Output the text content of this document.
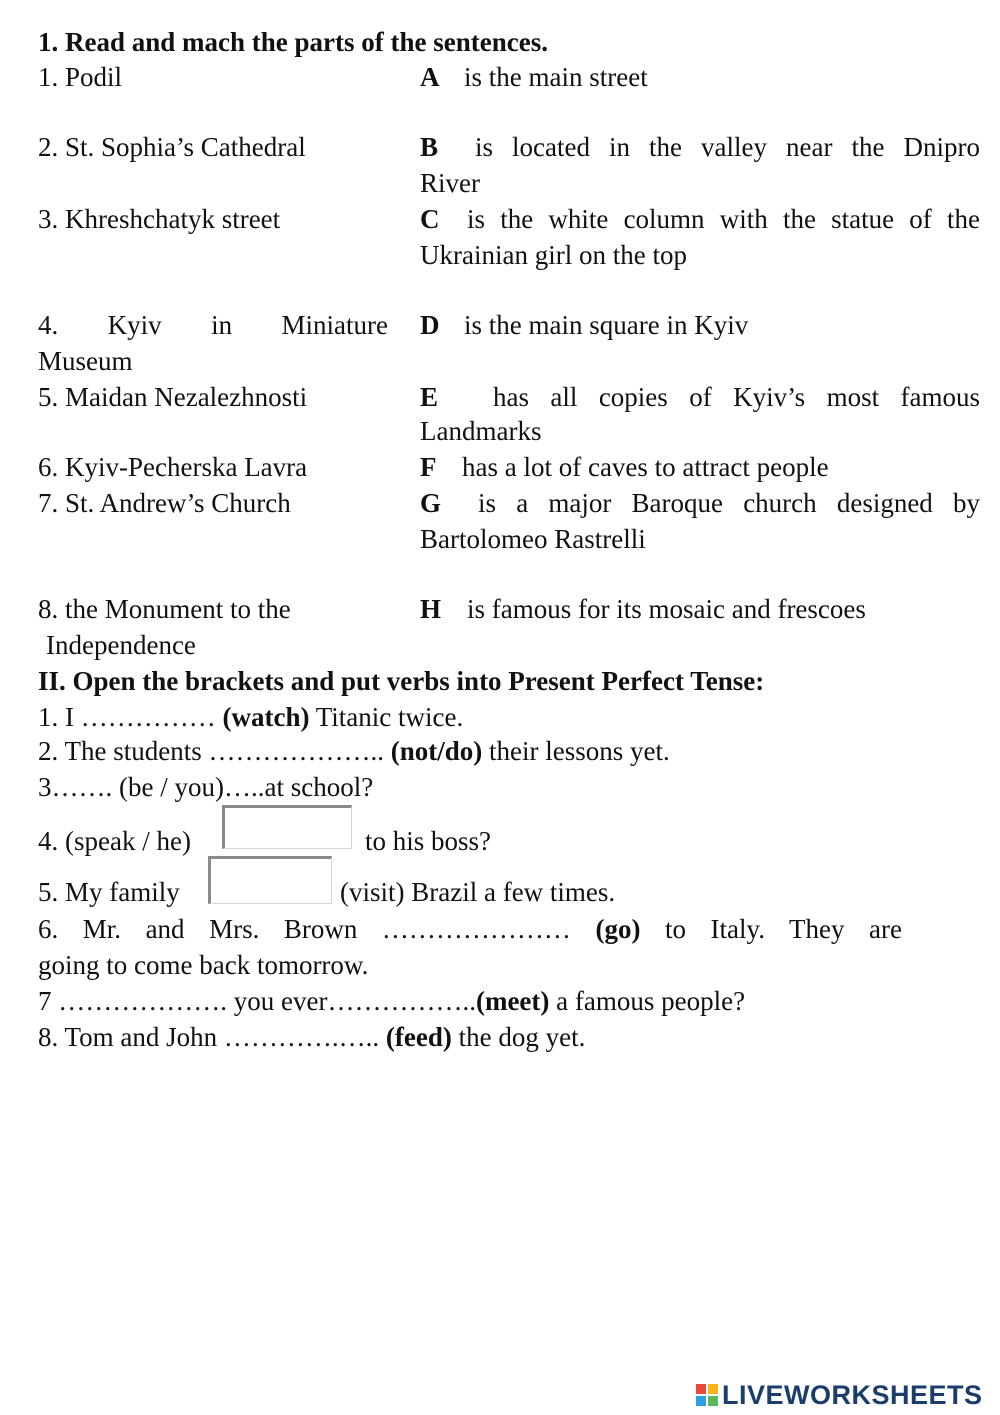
1. Read and mach the parts of the sentences.
1. Podil
2. St. Sophia’s Cathedral
3. Khreshchatyk street
4. Kyiv in Miniature
Museum
5. Maidan Nezalezhnosti
6. Kyiv-Pecherska Lavra
7. St. Andrew’s Church
8. the Monument to the
Independence
A
B
C
D
E
F
G
H
is the main street
is located in the valley near the Dnipro
River
is the white column with the statue of the
Ukrainian girl on the top
is the main square in Kyiv
has all copies of Kyiv’s most famous
Landmarks
has a lot of caves to attract people
is a major Baroque church designed by
Bartolomeo Rastrelli
is famous for its mosaic and frescoes
II. Open the brackets and put verbs into Present Perfect Tense:
1. I …………… (watch) Titanic twice.
2. The students ……………….. (not/do) their lessons yet.
3……. (be / you)…..at school?
4. (speak / he)	to his boss?
5. My family	(visit) Brazil a few times.
6. Mr. and Mrs. Brown ………………… (go) to Italy. They are
going to come back tomorrow.
7 ………………. you ever……………..(meet) a famous people?
8. Tom and John ………….….. (feed) the dog yet.
LIVEWORKSHEETS
